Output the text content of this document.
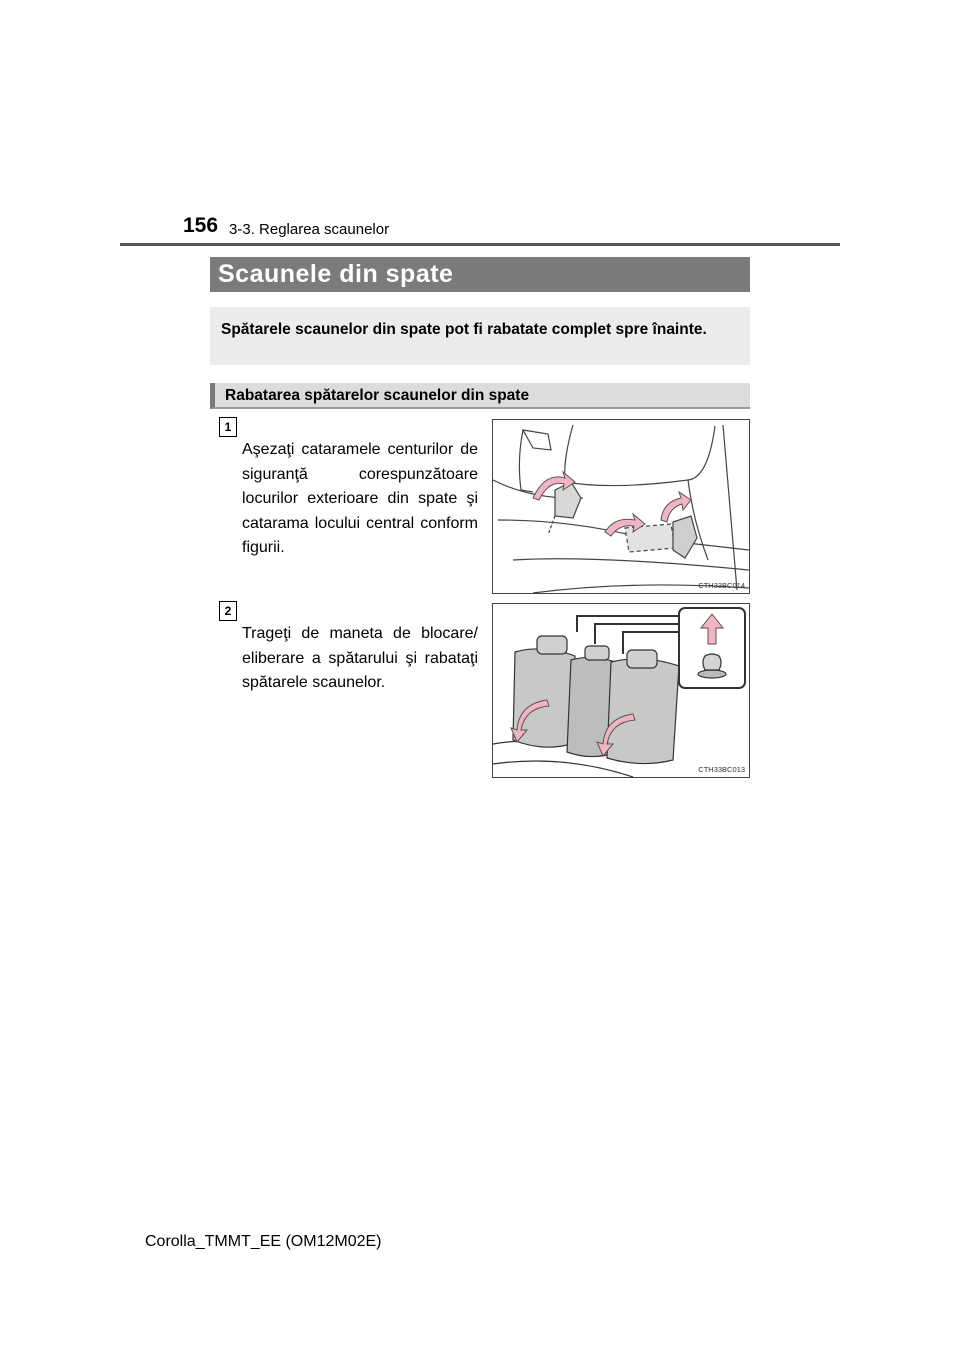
156 3-3. Reglarea scaunelor
Scaunele din spate
Spătarele scaunelor din spate pot fi rabatate complet spre înainte.
Rabatarea spătarelor scaunelor din spate
1
Aşezaţi cataramele centurilor de siguranţă corespunzătoare locurilor exterioare din spate şi catarama locului central conform figurii.
CTH33BC014
2
Trageţi de maneta de blocare/ eliberare a spătarului şi rabataţi spătarele scaunelor.
CTH33BC013
Corolla_TMMT_EE (OM12M02E)
